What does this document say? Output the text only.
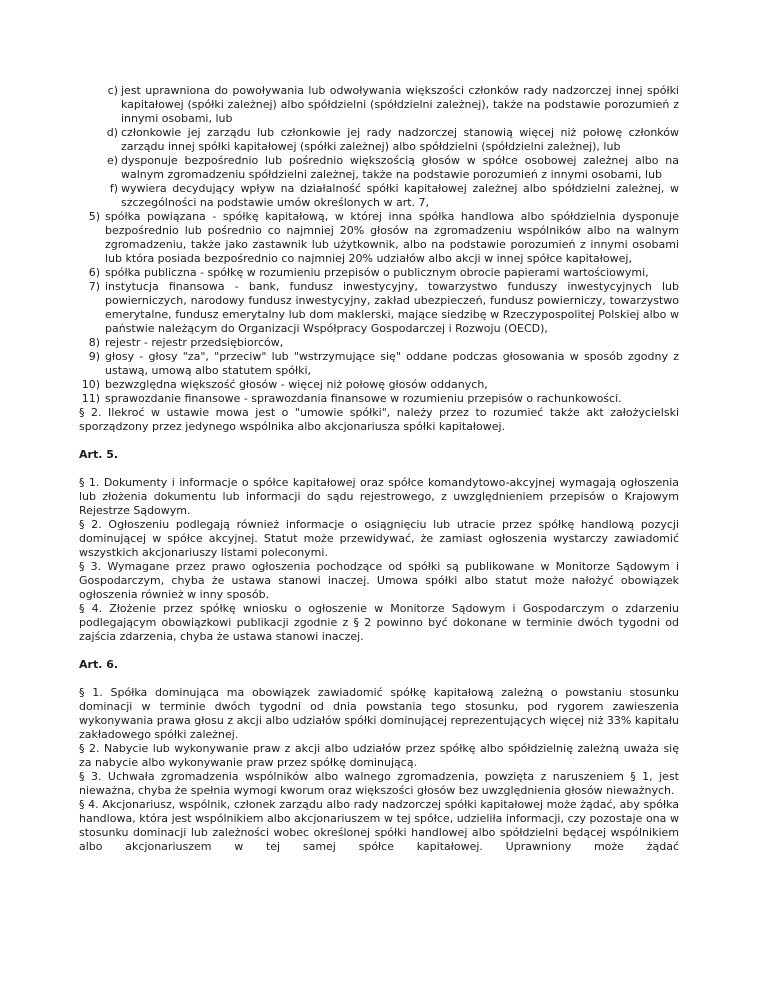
c) jest uprawniona do powoływania lub odwoływania większości członków rady nadzorczej innej spółki kapitałowej (spółki zależnej) albo spółdzielni (spółdzielni zależnej), także na podstawie porozumień z innymi osobami, lub
d) członkowie jej zarządu lub członkowie jej rady nadzorczej stanowią więcej niż połowę członków zarządu innej spółki kapitałowej (spółki zależnej) albo spółdzielni (spółdzielni zależnej), lub
e) dysponuje bezpośrednio lub pośrednio większością głosów w spółce osobowej zależnej albo na walnym zgromadzeniu spółdzielni zależnej, także na podstawie porozumień z innymi osobami, lub
f) wywiera decydujący wpływ na działalność spółki kapitałowej zależnej albo spółdzielni zależnej, w szczególności na podstawie umów określonych w art. 7,
5) spółka powiązana - spółkę kapitałową, w której inna spółka handlowa albo spółdzielnia dysponuje bezpośrednio lub pośrednio co najmniej 20% głosów na zgromadzeniu wspólników albo na walnym zgromadzeniu, także jako zastawnik lub użytkownik, albo na podstawie porozumień z innymi osobami lub która posiada bezpośrednio co najmniej 20% udziałów albo akcji w innej spółce kapitałowej,
6) spółka publiczna - spółkę w rozumieniu przepisów o publicznym obrocie papierami wartościowymi,
7) instytucja finansowa - bank, fundusz inwestycyjny, towarzystwo funduszy inwestycyjnych lub powierniczych, narodowy fundusz inwestycyjny, zakład ubezpieczeń, fundusz powierniczy, towarzystwo emerytalne, fundusz emerytalny lub dom maklerski, mające siedzibę w Rzeczypospolitej Polskiej albo w państwie należącym do Organizacji Współpracy Gospodarczej i Rozwoju (OECD),
8) rejestr - rejestr przedsiębiorców,
9) głosy - głosy "za", "przeciw" lub "wstrzymujące się" oddane podczas głosowania w sposób zgodny z ustawą, umową albo statutem spółki,
10) bezwzględna większość głosów - więcej niż połowę głosów oddanych,
11) sprawozdanie finansowe - sprawozdania finansowe w rozumieniu przepisów o rachunkowości.
§ 2. Ilekroć w ustawie mowa jest o "umowie spółki", należy przez to rozumieć także akt założycielski sporządzony przez jedynego wspólnika albo akcjonariusza spółki kapitałowej.
Art. 5.
§ 1. Dokumenty i informacje o spółce kapitałowej oraz spółce komandytowo-akcyjnej wymagają ogłoszenia lub złożenia dokumentu lub informacji do sądu rejestrowego, z uwzględnieniem przepisów o Krajowym Rejestrze Sądowym.
§ 2. Ogłoszeniu podlegają również informacje o osiągnięciu lub utracie przez spółkę handlową pozycji dominującej w spółce akcyjnej. Statut może przewidywać, że zamiast ogłoszenia wystarczy zawiadomić wszystkich akcjonariuszy listami poleconymi.
§ 3. Wymagane przez prawo ogłoszenia pochodzące od spółki są publikowane w Monitorze Sądowym i Gospodarczym, chyba że ustawa stanowi inaczej. Umowa spółki albo statut może nałożyć obowiązek ogłoszenia również w inny sposób.
§ 4. Złożenie przez spółkę wniosku o ogłoszenie w Monitorze Sądowym i Gospodarczym o zdarzeniu podlegającym obowiązkowi publikacji zgodnie z § 2 powinno być dokonane w terminie dwóch tygodni od zajścia zdarzenia, chyba że ustawa stanowi inaczej.
Art. 6.
§ 1. Spółka dominująca ma obowiązek zawiadomić spółkę kapitałową zależną o powstaniu stosunku dominacji w terminie dwóch tygodni od dnia powstania tego stosunku, pod rygorem zawieszenia wykonywania prawa głosu z akcji albo udziałów spółki dominującej reprezentujących więcej niż 33% kapitału zakładowego spółki zależnej.
§ 2. Nabycie lub wykonywanie praw z akcji albo udziałów przez spółkę albo spółdzielnię zależną uważa się za nabycie albo wykonywanie praw przez spółkę dominującą.
§ 3. Uchwała zgromadzenia wspólników albo walnego zgromadzenia, powzięta z naruszeniem § 1, jest nieważna, chyba że spełnia wymogi kworum oraz większości głosów bez uwzględnienia głosów nieważnych.
§ 4. Akcjonariusz, wspólnik, członek zarządu albo rady nadzorczej spółki kapitałowej może żądać, aby spółka handlowa, która jest wspólnikiem albo akcjonariuszem w tej spółce, udzieliła informacji, czy pozostaje ona w stosunku dominacji lub zależności wobec określonej spółki handlowej albo spółdzielni będącej wspólnikiem albo akcjonariuszem w tej samej spółce kapitałowej. Uprawniony może żądać
